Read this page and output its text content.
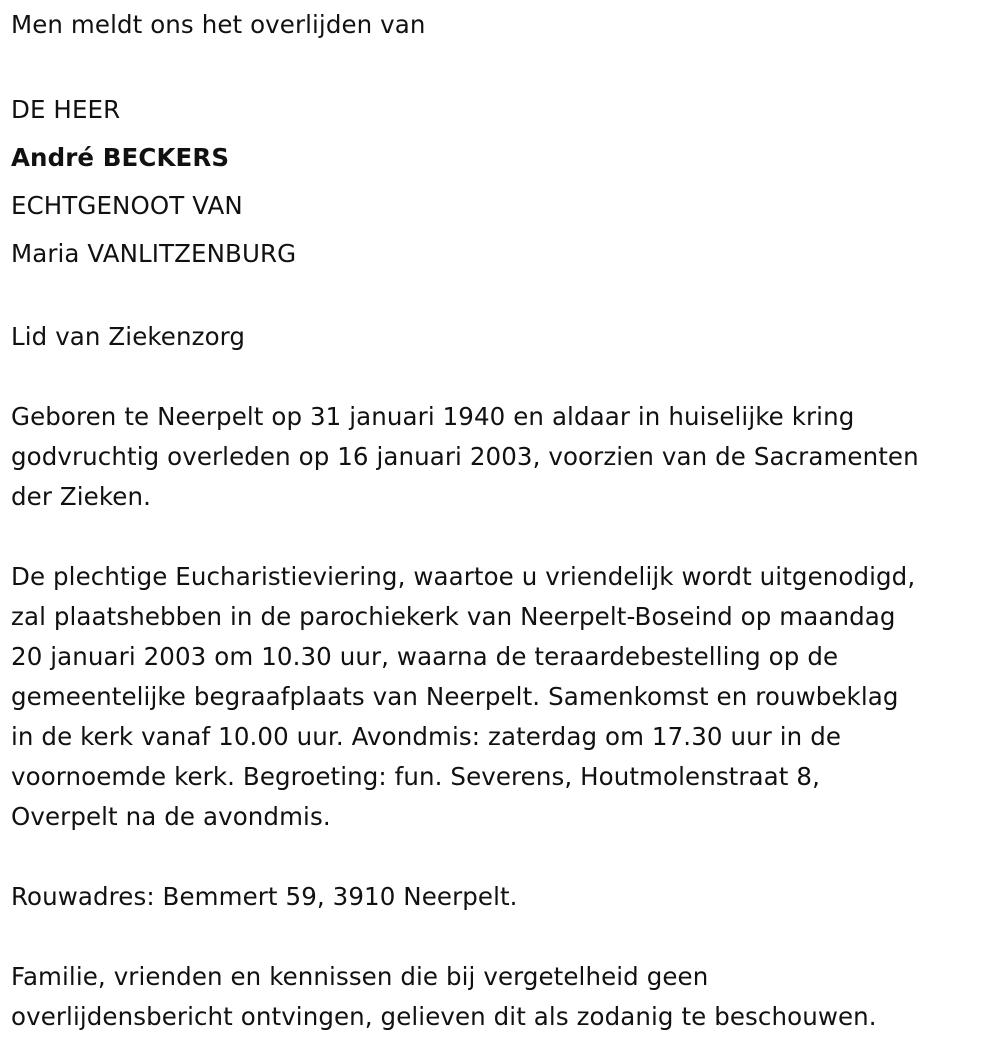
Men meldt ons het overlijden van
DE HEER
André BECKERS
ECHTGENOOT VAN
Maria VANLITZENBURG
Lid van Ziekenzorg
Geboren te Neerpelt op 31 januari 1940 en aldaar in huiselijke kring
godvruchtig overleden op 16 januari 2003, voorzien van de Sacramenten
der Zieken.
De plechtige Eucharistieviering, waartoe u vriendelijk wordt uitgenodigd,
zal plaatshebben in de parochiekerk van Neerpelt-Boseind op maandag
20 januari 2003 om 10.30 uur, waarna de teraardebestelling op de
gemeentelijke begraafplaats van Neerpelt. Samenkomst en rouwbeklag
in de kerk vanaf 10.00 uur. Avondmis: zaterdag om 17.30 uur in de
voornoemde kerk. Begroeting: fun. Severens, Houtmolenstraat 8,
Overpelt na de avondmis.
Rouwadres: Bemmert 59, 3910 Neerpelt.
Familie, vrienden en kennissen die bij vergetelheid geen
overlijdensbericht ontvingen, gelieven dit als zodanig te beschouwen.
